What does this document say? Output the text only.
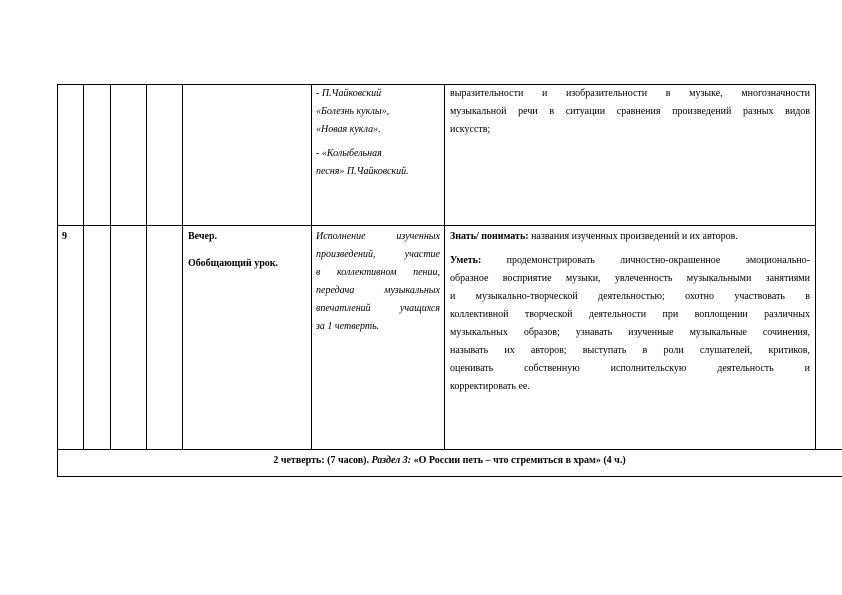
- П.Чайковский

«Болезнь куклы»,

«Новая кукла».

- «Колыбельная

песня» П.Чайковский.

выразительности и изобразительности в музыке, многозначности

музыкальной речи в ситуации сравнения произведений разных видов

искусств;

9	Вечер.

Обобщающий урок.

Исполнение изученных

произведений, участие

в коллективном пении,

передача музыкальных

впечатлений учащихся

за 1 четверть.

Знать/ понимать: названия изученных произведений и их авторов.

Уметь: продемонстрировать личностно-окрашенное эмоционально-

образное восприятие музыки, увлеченность музыкальными занятиями

и музыкально-творческой деятельностью; охотно участвовать в

коллективной творческой деятельности при воплощении различных

музыкальных образов; узнавать изученные музыкальные сочинения,

называть их авторов; выступать в роли слушателей, критиков,

оценивать собственную исполнительскую деятельность и

корректировать ее.

2 четверть: (7 часов). Раздел 3: «О России петь – что стремиться в храм» (4 ч.)
